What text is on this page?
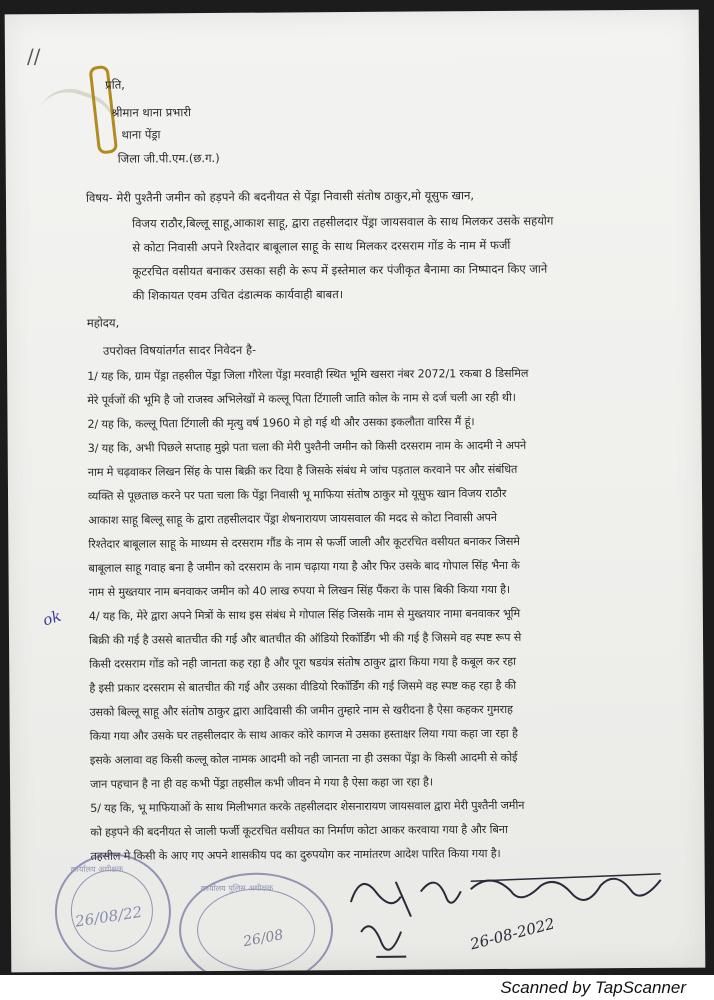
//
प्रति,
श्रीमान थाना प्रभारी
थाना पेंड्रा
जिला जी.पी.एम.(छ.ग.)
विषय- मेरी पुश्तैनी जमीन को हड़पने की बदनीयत से पेंड्रा निवासी संतोष ठाकुर,मो यूसुफ खान,
विजय राठौर,बिल्लू साहू,आकाश साहू, द्वारा तहसीलदार पेंड्रा जायसवाल के साथ मिलकर उसके सहयोग
से कोटा निवासी अपने रिश्तेदार बाबूलाल साहू के साथ मिलकर दरसराम गोंड के नाम में फर्जी
कूटरचित वसीयत बनाकर उसका सही के रूप में इस्तेमाल कर पंजीकृत बैनामा का निष्पादन किए जाने
की शिकायत एवम उचित दंडात्मक कार्यवाही बाबत।
महोदय,
उपरोक्त विषयांतर्गत सादर निवेदन है-
1/ यह कि, ग्राम पेंड्रा तहसील पेंड्रा जिला गौरेला पेंड्रा मरवाही स्थित भूमि खसरा नंबर 2072/1 रकबा 8 डिसमिल
मेरे पूर्वजों की भूमि है जो राजस्व अभिलेखों मे कल्लू पिता टिंगाली जाति कोल के नाम से दर्ज चली आ रही थी।
2/ यह कि, कल्लू पिता टिंगाली की मृत्यु वर्ष 1960 मे हो गई थी और उसका इकलौता वारिस मैं हूं।
3/ यह कि, अभी पिछले सप्ताह मुझे पता चला की मेरी पुश्तैनी जमीन को किसी दरसराम नाम के आदमी ने अपने
नाम मे चढ़वाकर लिखन सिंह के पास बिक्री कर दिया है जिसके संबंध मे जांच पड़ताल करवाने पर और संबंधित
व्यक्ति से पूछताछ करने पर पता चला कि पेंड्रा निवासी भू माफिया संतोष ठाकुर मो यूसुफ खान विजय राठौर
आकाश साहू बिल्लू साहू के द्वारा तहसीलदार पेंड्रा शेषनारायण जायसवाल की मदद से कोटा निवासी अपने
रिश्तेदार बाबूलाल साहू के माध्यम से दरसराम गौंड के नाम से फर्जी जाली और कूटरचित वसीयत बनाकर जिसमे
बाबूलाल साहू गवाह बना है जमीन को दरसराम के नाम चढ़ाया गया है और फिर उसके बाद गोपाल सिंह भैना के
नाम से मुख्तयार नाम बनवाकर जमीन को 40 लाख रुपया मे लिखन सिंह पैंकरा के पास बिकी किया गया है।
4/ यह कि, मेरे द्वारा अपने मित्रों के साथ इस संबंध मे गोपाल सिंह जिसके नाम से मुख्तयार नामा बनवाकर भूमि
बिक्री की गई है उससे बातचीत की गई और बातचीत की ऑडियो रिकॉर्डिंग भी की गई है जिसमे वह स्पष्ट रूप से
किसी दरसराम गोंड को नही जानता कह रहा है और पूरा षडयंत्र संतोष ठाकुर द्वारा किया गया है कबूल कर रहा
है इसी प्रकार दरसराम से बातचीत की गई और उसका वीडियो रिकॉर्डिंग की गई जिसमे वह स्पष्ट कह रहा है की
उसको बिल्लू साहू और संतोष ठाकुर द्वारा आदिवासी की जमीन तुम्हारे नाम से खरीदना है ऐसा कहकर गुमराह
किया गया और उसके घर तहसीलदार के साथ आकर कोरे कागज मे उसका हस्ताक्षर लिया गया कहा जा रहा है
इसके अलावा वह किसी कल्लू कोल नामक आदमी को नही जानता ना ही उसका पेंड्रा के किसी आदमी से कोई
जान पहचान है ना ही वह कभी पेंड्रा तहसील कभी जीवन मे गया है ऐसा कहा जा रहा है।
5/ यह कि, भू माफियाओं के साथ मिलीभगत करके तहसीलदार शेसनारायण जायसवाल द्वारा मेरी पुश्तैनी जमीन
को हड़पने की बदनीयत से जाली फर्जी कूटरचित वसीयत का निर्माण कोटा आकर करवाया गया है और बिना
तहसील मे किसी के आए गए अपने शासकीय पद का दुरुपयोग कर नामांतरण आदेश पारित किया गया है।
ok
कार्यालय अधीक्षक
26/08/22
कार्यालय पुलिस अधीक्षक
26/08	26-08-2022
Scanned by TapScanner
